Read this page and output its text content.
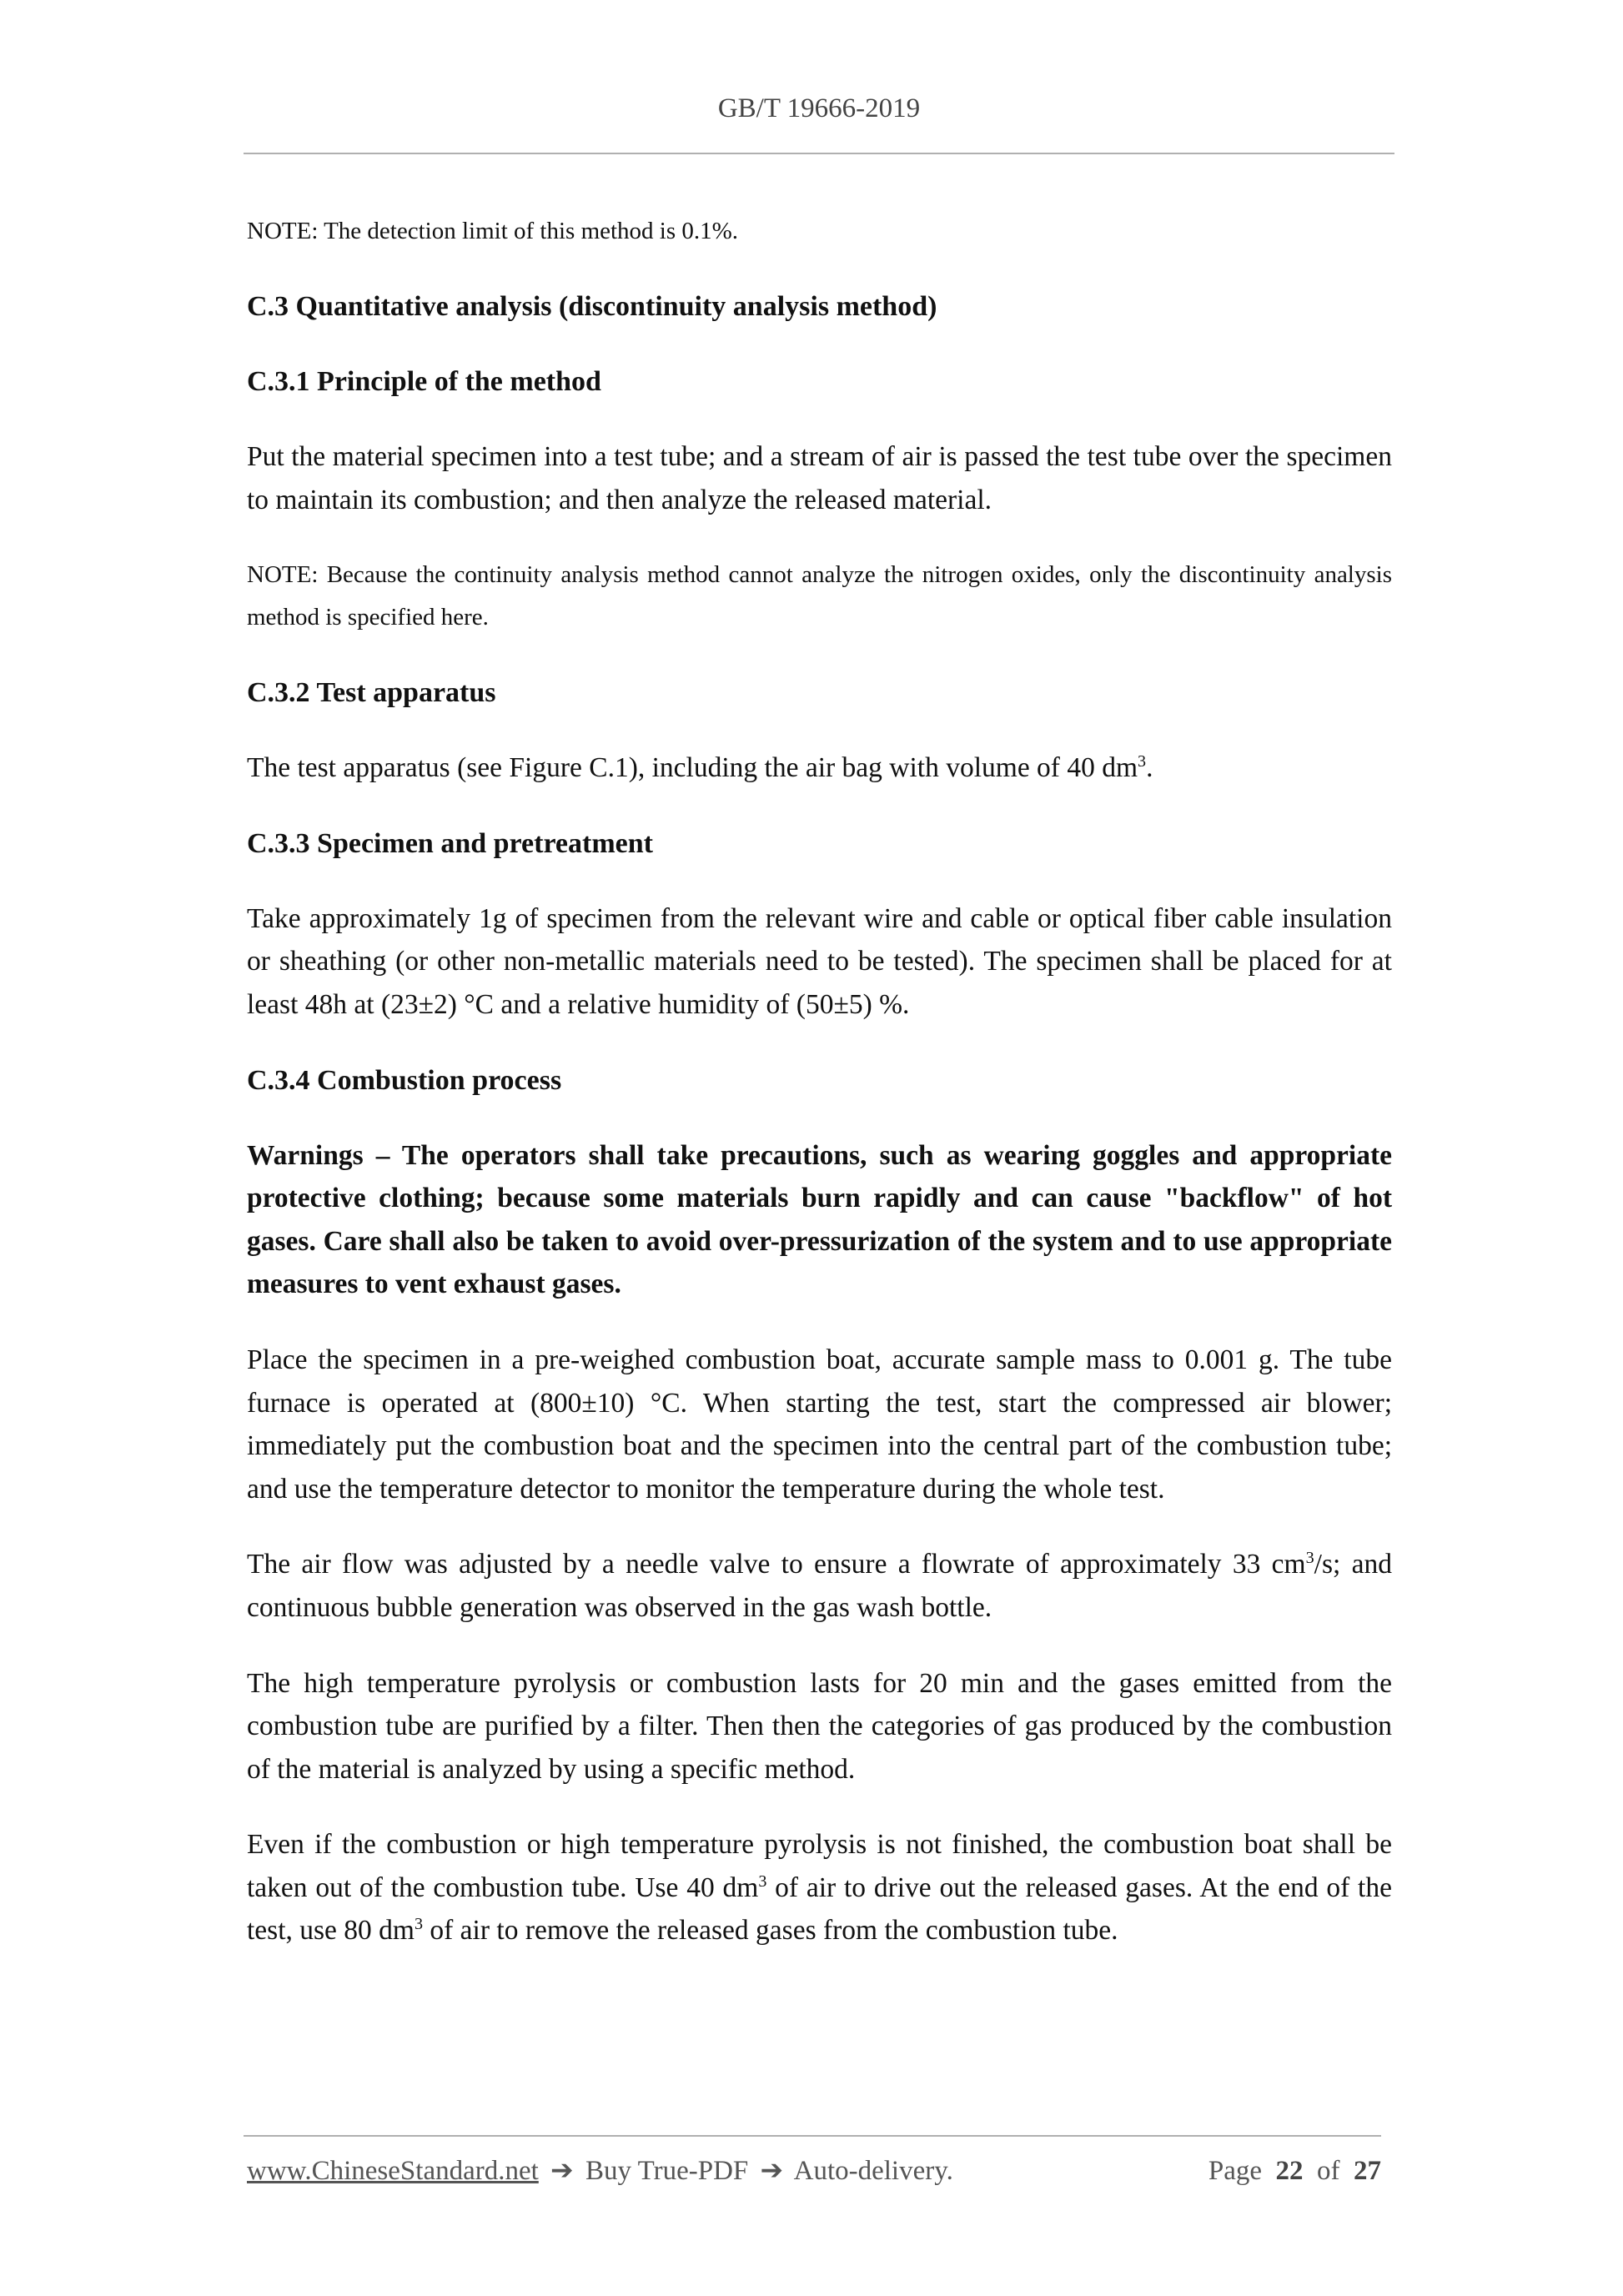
GB/T 19666-2019

NOTE: The detection limit of this method is 0.1%.

C.3 Quantitative analysis (discontinuity analysis method)

C.3.1 Principle of the method

Put the material specimen into a test tube; and a stream of air is passed the test tube over the specimen to maintain its combustion; and then analyze the released material.

NOTE: Because the continuity analysis method cannot analyze the nitrogen oxides, only the discontinuity analysis method is specified here.

C.3.2 Test apparatus

The test apparatus (see Figure C.1), including the air bag with volume of 40 $dm^3$.

C.3.3 Specimen and pretreatment

Take approximately 1g of specimen from the relevant wire and cable or optical fiber cable insulation or sheathing (or other non-metallic materials need to be tested). The specimen shall be placed for at least 48h at (23±2) °C and a relative humidity of (50±5) %.

C.3.4 Combustion process

Warnings – The operators shall take precautions, such as wearing goggles and appropriate protective clothing; because some materials burn rapidly and can cause "backflow" of hot gases. Care shall also be taken to avoid over-pressurization of the system and to use appropriate measures to vent exhaust gases.

Place the specimen in a pre-weighed combustion boat, accurate sample mass to 0.001 g. The tube furnace is operated at (800±10) °C. When starting the test, start the compressed air blower; immediately put the combustion boat and the specimen into the central part of the combustion tube; and use the temperature detector to monitor the temperature during the whole test.

The air flow was adjusted by a needle valve to ensure a flowrate of approximately 33 $cm^3/s$; and continuous bubble generation was observed in the gas wash bottle.

The high temperature pyrolysis or combustion lasts for 20 min and the gases emitted from the combustion tube are purified by a filter. Then then the categories of gas produced by the combustion of the material is analyzed by using a specific method.

Even if the combustion or high temperature pyrolysis is not finished, the combustion boat shall be taken out of the combustion tube. Use 40 $dm^3$ of air to drive out the released gases. At the end of the test, use 80 $dm^3$ of air to remove the released gases from the combustion tube.

www.ChineseStandard.net ➔ Buy True-PDF ➔ Auto-delivery.	Page 22 of 27
